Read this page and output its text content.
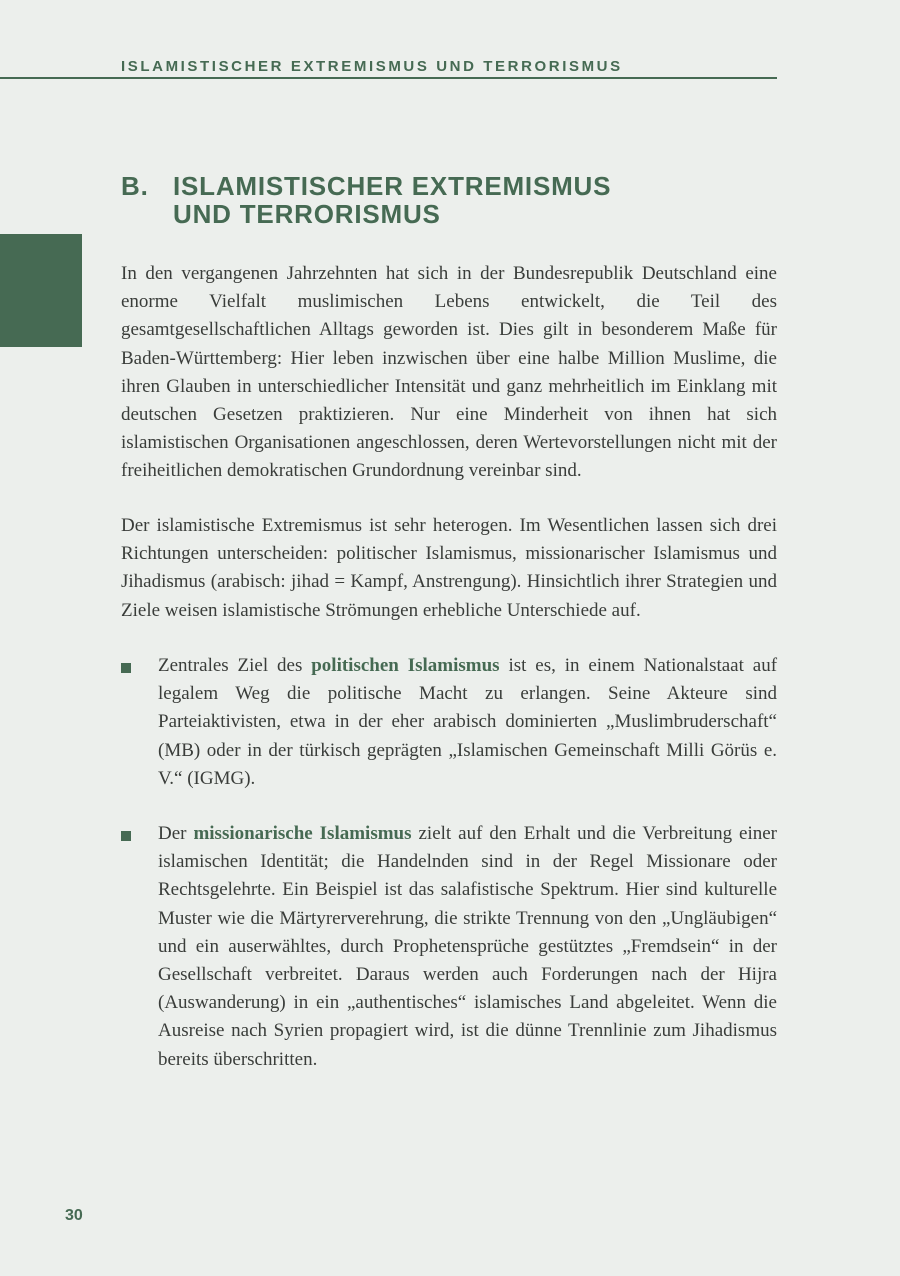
ISLAMISTISCHER EXTREMISMUS UND TERRORISMUS
B. ISLAMISTISCHER EXTREMISMUS
UND TERRORISMUS

In den vergangenen Jahrzehnten hat sich in der Bundesrepublik Deutschland eine enorme Vielfalt muslimischen Lebens entwickelt, die Teil des gesamtgesellschaftlichen Alltags geworden ist. Dies gilt in besonderem Maße für Baden-Württemberg: Hier leben inzwischen über eine halbe Million Muslime, die ihren Glauben in unterschiedlicher Intensität und ganz mehrheitlich im Einklang mit deutschen Gesetzen praktizieren. Nur eine Minderheit von ihnen hat sich islamistischen Organisationen angeschlossen, deren Wertevorstellungen nicht mit der freiheitlichen demokratischen Grundordnung vereinbar sind.

Der islamistische Extremismus ist sehr heterogen. Im Wesentlichen lassen sich drei Richtungen unterscheiden: politischer Islamismus, missionarischer Islamismus und Jihadismus (arabisch: jihad = Kampf, Anstrengung). Hinsichtlich ihrer Strategien und Ziele weisen islamistische Strömungen erhebliche Unterschiede auf.

Zentrales Ziel des politischen Islamismus ist es, in einem Nationalstaat auf legalem Weg die politische Macht zu erlangen. Seine Akteure sind Parteiaktivisten, etwa in der eher arabisch dominierten „Muslimbruderschaft“ (MB) oder in der türkisch geprägten „Islamischen Gemeinschaft Milli Görüs e. V.“ (IGMG).

Der missionarische Islamismus zielt auf den Erhalt und die Verbreitung einer islamischen Identität; die Handelnden sind in der Regel Missionare oder Rechtsgelehrte. Ein Beispiel ist das salafistische Spektrum. Hier sind kulturelle Muster wie die Märtyrerverehrung, die strikte Trennung von den „Ungläubigen“ und ein auserwähltes, durch Prophetensprüche gestütztes „Fremdsein“ in der Gesellschaft verbreitet. Daraus werden auch Forderungen nach der Hijra (Auswanderung) in ein „authentisches“ islamisches Land abgeleitet. Wenn die Ausreise nach Syrien propagiert wird, ist die dünne Trennlinie zum Jihadismus bereits überschritten.

30
